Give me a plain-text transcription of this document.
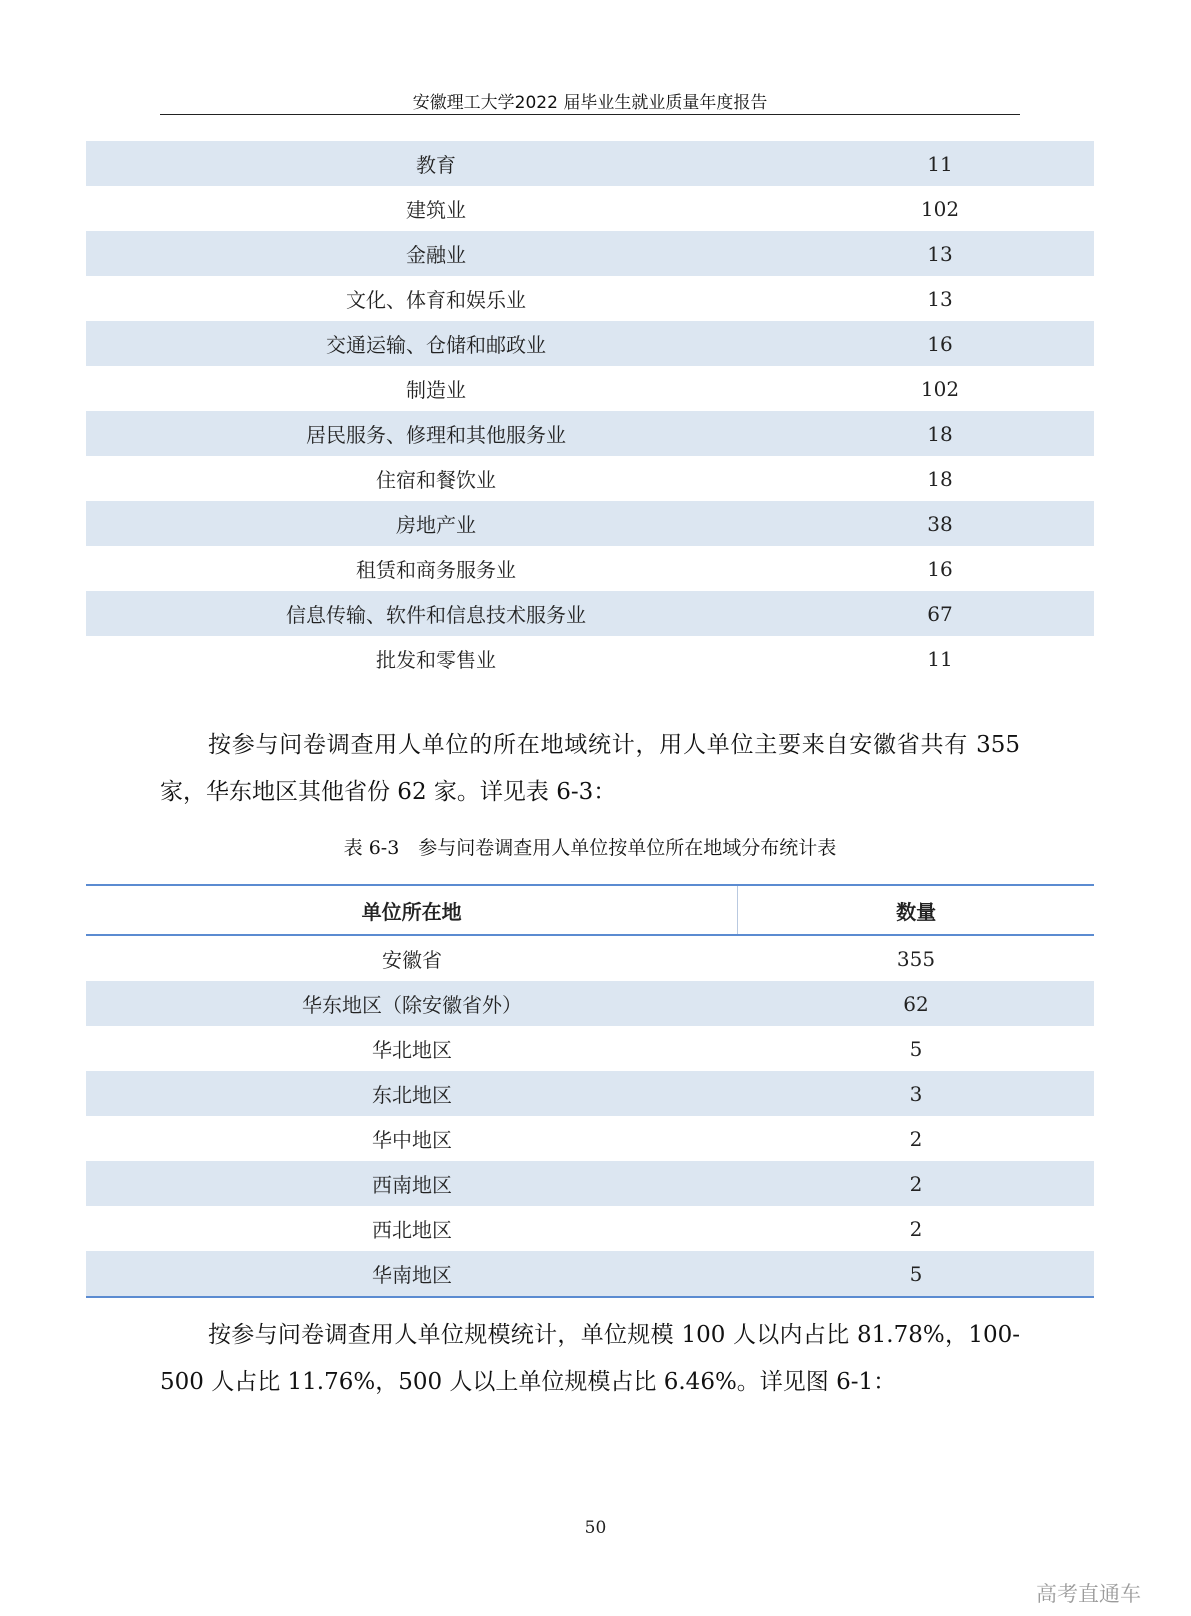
安徽理工大学2022 届毕业生就业质量年度报告
教育	11
建筑业	102
金融业	13
文化、体育和娱乐业	13
交通运输、仓储和邮政业	16
制造业	102
居民服务、修理和其他服务业	18
住宿和餐饮业	18
房地产业	38
租赁和商务服务业	16
信息传输、软件和信息技术服务业	67
批发和零售业	11

按参与问卷调查用人单位的所在地域统计，用人单位主要来自安徽省共有 355 家，华东地区其他省份 62 家。详见表 6-3：

表 6-3　参与问卷调查用人单位按单位所在地域分布统计表
单位所在地	数量
安徽省	355
华东地区（除安徽省外）	62
华北地区	5
东北地区	3
华中地区	2
西南地区	2
西北地区	2
华南地区	5

按参与问卷调查用人单位规模统计，单位规模 100 人以内占比 81.78%，100-500 人占比 11.76%，500 人以上单位规模占比 6.46%。详见图 6-1：

50
高考直通车
